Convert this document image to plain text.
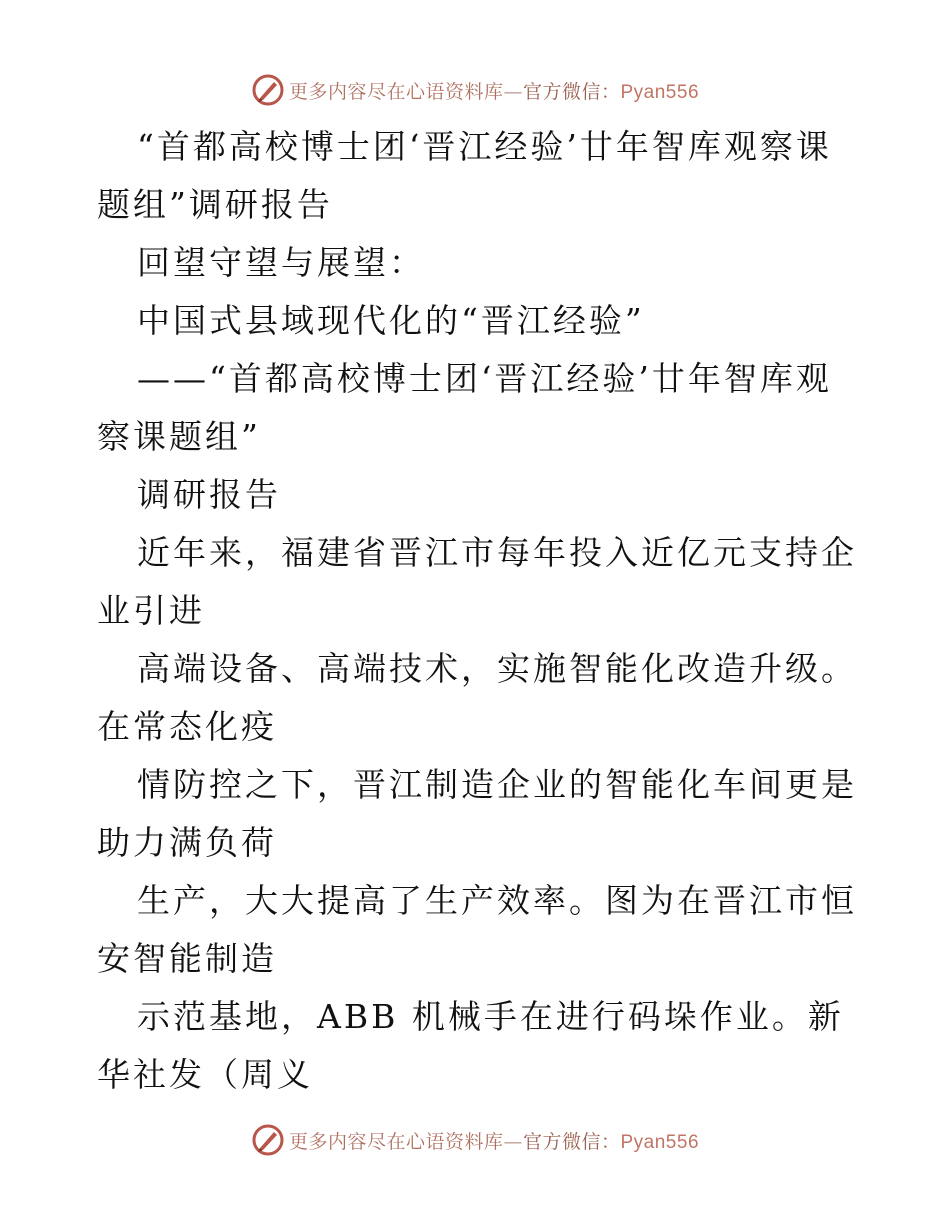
更多内容尽在心语资料库—官方微信：Pyan556

“首都高校博士团‘晋江经验’廿年智库观察课题组”调研报告

回望守望与展望：

中国式县域现代化的“晋江经验”

——“首都高校博士团‘晋江经验’廿年智库观察课题组”

调研报告

近年来，福建省晋江市每年投入近亿元支持企业引进

高端设备、高端技术，实施智能化改造升级。在常态化疫

情防控之下，晋江制造企业的智能化车间更是助力满负荷

生产，大大提高了生产效率。图为在晋江市恒安智能制造

示范基地，ABB 机械手在进行码垛作业。新华社发（周义

更多内容尽在心语资料库—官方微信：Pyan556
